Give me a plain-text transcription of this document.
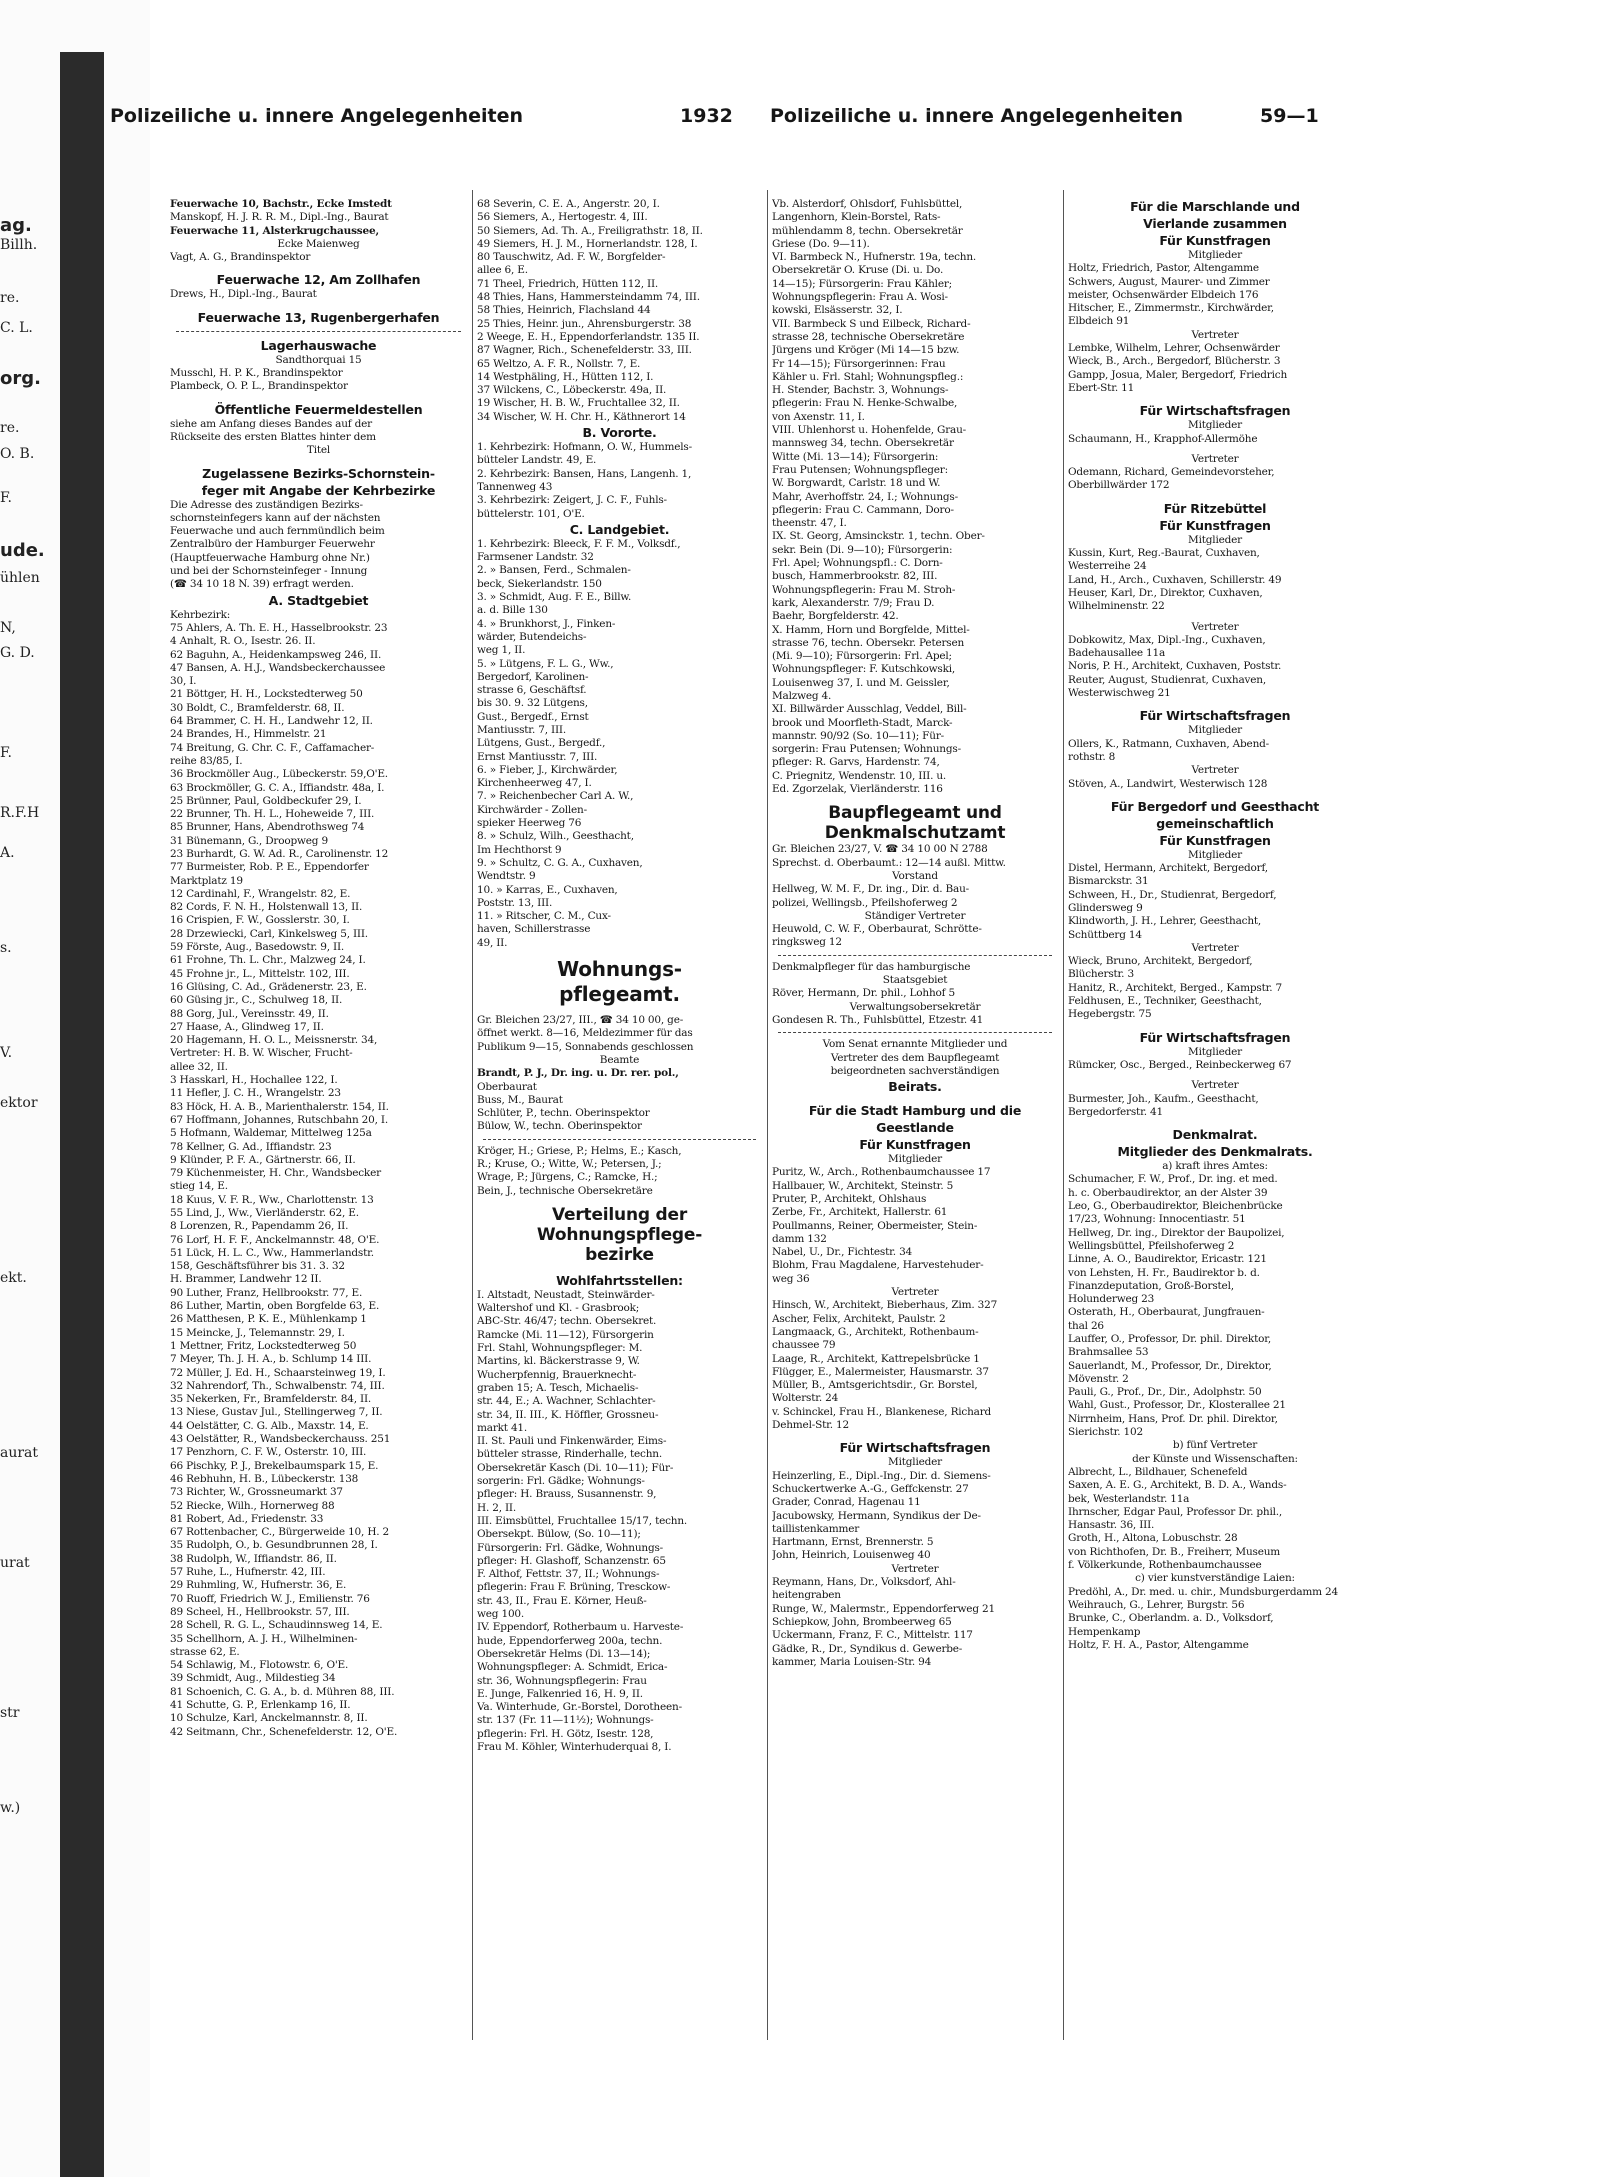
ag.
Billh.
re.
C. L.
org.
re.
O. B.
F.
ude.
ühlen
N,
G. D.
F.
R.F.H
A.
s.
V.
ektor
ekt.
aurat
urat
str
w.)
Polizeiliche u. innere Angelegenheiten	1932 Polizeiliche u. innere Angelegenheiten	59—1
Feuerwache 10, Bachstr., Ecke Imstedt
Manskopf, H. J. R. R. M., Dipl.-Ing., Baurat
Feuerwache 11, Alsterkrugchaussee,
Ecke Maienweg
Vagt, A. G., Brandinspektor
Feuerwache 12, Am Zollhafen
Drews, H., Dipl.-Ing., Baurat
Feuerwache 13, Rugenbergerhafen
Lagerhauswache
Sandthorquai 15
Musschl, H. P. K., Brandinspektor
Plambeck, O. P. L., Brandinspektor
Öffentliche Feuermeldestellen
siehe am Anfang dieses Bandes auf der
Rückseite des ersten Blattes hinter dem
Titel
Zugelassene Bezirks-Schornstein-
feger mit Angabe der Kehrbezirke
Die Adresse des zuständigen Bezirks-
schornsteinfegers kann auf der nächsten
Feuerwache und auch fernmündlich beim
Zentralbüro der Hamburger Feuerwehr
(Hauptfeuerwache Hamburg ohne Nr.)
und bei der Schornsteinfeger - Innung
(☎ 34 10 18 N. 39) erfragt werden.
A. Stadtgebiet
Kehrbezirk:
75 Ahlers, A. Th. E. H., Hasselbrookstr. 23
4 Anhalt, R. O., Isestr. 26. II.
62 Baguhn, A., Heidenkampsweg 246, II.
47 Bansen, A. H.J., Wandsbeckerchaussee
30, I.
21 Böttger, H. H., Lockstedterweg 50
30 Boldt, C., Bramfelderstr. 68, II.
64 Brammer, C. H. H., Landwehr 12, II.
24 Brandes, H., Himmelstr. 21
74 Breitung, G. Chr. C. F., Caffamacher-
reihe 83/85, I.
36 Brockmöller Aug., Lübeckerstr. 59,O'E.
63 Brockmöller, G. C. A., Iffiandstr. 48a, I.
25 Brünner, Paul, Goldbeckufer 29, I.
22 Brunner, Th. H. L., Hoheweide 7, III.
85 Brunner, Hans, Abendrothsweg 74
31 Bünemann, G., Droopweg 9
23 Burhardt, G. W. Ad. R., Carolinenstr. 12
77 Burmeister, Rob. P. E., Eppendorfer
Marktplatz 19
12 Cardinahl, F., Wrangelstr. 82, E.
82 Cords, F. N. H., Holstenwall 13, II.
16 Crispien, F. W., Gosslerstr. 30, I.
28 Drzewiecki, Carl, Kinkelsweg 5, III.
59 Förste, Aug., Basedowstr. 9, II.
61 Frohne, Th. L. Chr., Malzweg 24, I.
45 Frohne jr., L., Mittelstr. 102, III.
16 Glüsing, C. Ad., Grädenerstr. 23, E.
60 Güsing jr., C., Schulweg 18, II.
88 Gorg, Jul., Vereinsstr. 49, II.
27 Haase, A., Glindweg 17, II.
20 Hagemann, H. O. L., Meissnerstr. 34,
Vertreter: H. B. W. Wischer, Frucht-
allee 32, II.
3 Hasskarl, H., Hochallee 122, I.
11 Hefler, J. C. H., Wrangelstr. 23
83 Höck, H. A. B., Marienthalerstr. 154, II.
67 Hoffmann, Johannes, Rutschbahn 20, I.
5 Hofmann, Waldemar, Mittelweg 125a
78 Kellner, G. Ad., Iffiandstr. 23
9 Klünder, P. F. A., Gärtnerstr. 66, II.
79 Küchenmeister, H. Chr., Wandsbecker
stieg 14, E.
18 Kuus, V. F. R., Ww., Charlottenstr. 13
55 Lind, J., Ww., Vierländerstr. 62, E.
8 Lorenzen, R., Papendamm 26, II.
76 Lorf, H. F. F., Anckelmannstr. 48, O'E.
51 Lück, H. L. C., Ww., Hammerlandstr.
158, Geschäftsführer bis 31. 3. 32
H. Brammer, Landwehr 12 II.
90 Luther, Franz, Hellbrookstr. 77, E.
86 Luther, Martin, oben Borgfelde 63, E.
26 Matthesen, P. K. E., Mühlenkamp 1
15 Meincke, J., Telemannstr. 29, I.
1 Mettner, Fritz, Lockstedterweg 50
7 Meyer, Th. J. H. A., b. Schlump 14 III.
72 Müller, J. Ed. H., Schaarsteinweg 19, I.
32 Nahrendorf, Th., Schwalbenstr. 74, III.
35 Nekerken, Fr., Bramfelderstr. 84, II.
13 Niese, Gustav Jul., Stellingerweg 7, II.
44 Oelstätter, C. G. Alb., Maxstr. 14, E.
43 Oelstätter, R., Wandsbeckerchauss. 251
17 Penzhorn, C. F. W., Osterstr. 10, III.
66 Pischky, P. J., Brekelbaumspark 15, E.
46 Rebhuhn, H. B., Lübeckerstr. 138
73 Richter, W., Grossneumarkt 37
52 Riecke, Wilh., Hornerweg 88
81 Robert, Ad., Friedenstr. 33
67 Rottenbacher, C., Bürgerweide 10, H. 2
35 Rudolph, O., b. Gesundbrunnen 28, I.
38 Rudolph, W., Iffiandstr. 86, II.
57 Ruhe, L., Hufnerstr. 42, III.
29 Ruhmling, W., Hufnerstr. 36, E.
70 Ruoff, Friedrich W. J., Emilienstr. 76
89 Scheel, H., Hellbrookstr. 57, III.
28 Schell, R. G. L., Schaudinnsweg 14, E.
35 Schellhorn, A. J. H., Wilhelminen-
strasse 62, E.
54 Schlawig, M., Flotowstr. 6, O'E.
39 Schmidt, Aug., Mildestieg 34
81 Schoenich, C. G. A., b. d. Mühren 88, III.
41 Schutte, G. P., Erlenkamp 16, II.
10 Schulze, Karl, Anckelmannstr. 8, II.
42 Seitmann, Chr., Schenefelderstr. 12, O'E.
68 Severin, C. E. A., Angerstr. 20, I.
56 Siemers, A., Hertogestr. 4, III.
50 Siemers, Ad. Th. A., Freiligrathstr. 18, II.
49 Siemers, H. J. M., Hornerlandstr. 128, I.
80 Tauschwitz, Ad. F. W., Borgfelder-
allee 6, E.
71 Theel, Friedrich, Hütten 112, II.
48 Thies, Hans, Hammersteindamm 74, III.
58 Thies, Heinrich, Flachsland 44
25 Thies, Heinr. jun., Ahrensburgerstr. 38
2 Weege, E. H., Eppendorferlandstr. 135 II.
87 Wagner, Rich., Schenefelderstr. 33, III.
65 Weltzo, A. F. R., Nollstr. 7, E.
14 Westphäling, H., Hütten 112, I.
37 Wilckens, C., Löbeckerstr. 49a, II.
19 Wischer, H. B. W., Fruchtallee 32, II.
34 Wischer, W. H. Chr. H., Käthnerort 14
B. Vororte.
1. Kehrbezirk: Hofmann, O. W., Hummels-
bütteler Landstr. 49, E.
2. Kehrbezirk: Bansen, Hans, Langenh. 1,
Tannenweg 43
3. Kehrbezirk: Zeigert, J. C. F., Fuhls-
büttelerstr. 101, O'E.
C. Landgebiet.
1. Kehrbezirk: Bleeck, F. F. M., Volksdf.,
Farmsener Landstr. 32
2. » Bansen, Ferd., Schmalen-
beck, Siekerlandstr. 150
3. » Schmidt, Aug. F. E., Billw.
a. d. Bille 130
4. » Brunkhorst, J., Finken-
wärder, Butendeichs-
weg 1, II.
5. » Lütgens, F. L. G., Ww.,
Bergedorf, Karolinen-
strasse 6, Geschäftsf.
bis 30. 9. 32 Lütgens,
Gust., Bergedf., Ernst
Mantiusstr. 7, III.
Lütgens, Gust., Bergedf.,
Ernst Mantiusstr. 7, III.
6. » Fieber, J., Kirchwärder,
Kirchenheerweg 47, I.
7. » Reichenbecher Carl A. W.,
Kirchwärder - Zollen-
spieker Heerweg 76
8. » Schulz, Wilh., Geesthacht,
Im Hechthorst 9
9. » Schultz, C. G. A., Cuxhaven,
Wendtstr. 9
10. » Karras, E., Cuxhaven,
Poststr. 13, III.
11. » Ritscher, C. M., Cux-
haven, Schillerstrasse
49, II.
Wohnungs-
pflegeamt.
Gr. Bleichen 23/27, III., ☎ 34 10 00, ge-
öffnet werkt. 8—16, Meldezimmer für das
Publikum 9—15, Sonnabends geschlossen
Beamte
Brandt, P. J., Dr. ing. u. Dr. rer. pol.,
Oberbaurat
Buss, M., Baurat
Schlüter, P., techn. Oberinspektor
Bülow, W., techn. Oberinspektor
Kröger, H.; Griese, P.; Helms, E.; Kasch,
R.; Kruse, O.; Witte, W.; Petersen, J.;
Wrage, P.; Jürgens, C.; Ramcke, H.;
Bein, J., technische Obersekretäre
Verteilung der
Wohnungspflege-
bezirke
Wohlfahrtsstellen:
I. Altstadt, Neustadt, Steinwärder-
Waltershof und Kl. - Grasbrook;
ABC-Str. 46/47; techn. Obersekret.
Ramcke (Mi. 11—12), Fürsorgerin
Frl. Stahl, Wohnungspfleger: M.
Martins, kl. Bäckerstrasse 9, W.
Wucherpfennig, Brauerknecht-
graben 15; A. Tesch, Michaelis-
str. 44, E.; A. Wachner, Schlachter-
str. 34, II. III., K. Höffler, Grossneu-
markt 41.
II. St. Pauli und Finkenwärder, Eims-
bütteler strasse, Rinderhalle, techn.
Obersekretär Kasch (Di. 10—11); Für-
sorgerin: Frl. Gädke; Wohnungs-
pfleger: H. Brauss, Susannenstr. 9,
H. 2, II.
III. Eimsbüttel, Fruchtallee 15/17, techn.
Obersekpt. Bülow, (So. 10—11);
Fürsorgerin: Frl. Gädke, Wohnungs-
pfleger: H. Glashoff, Schanzenstr. 65
F. Althof, Fettstr. 37, II.; Wohnungs-
pflegerin: Frau F. Brüning, Tresckow-
str. 43, II., Frau E. Körner, Heuß-
weg 100.
IV. Eppendorf, Rotherbaum u. Harveste-
hude, Eppendorferweg 200a, techn.
Obersekretär Helms (Di. 13—14);
Wohnungspfleger: A. Schmidt, Erica-
str. 36, Wohnungspflegerin: Frau
E. Junge, Falkenried 16, H. 9, II.
Va. Winterhude, Gr.-Borstel, Dorotheen-
str. 137 (Fr. 11—11½); Wohnungs-
pflegerin: Frl. H. Götz, Isestr. 128,
Frau M. Köhler, Winterhuderquai 8, I.
Vb. Alsterdorf, Ohlsdorf, Fuhlsbüttel,
Langenhorn, Klein-Borstel, Rats-
mühlendamm 8, techn. Obersekretär
Griese (Do. 9—11).
VI. Barmbeck N., Hufnerstr. 19a, techn.
Obersekretär O. Kruse (Di. u. Do.
14—15); Fürsorgerin: Frau Kähler;
Wohnungspflegerin: Frau A. Wosi-
kowski, Elsässerstr. 32, I.
VII. Barmbeck S und Eilbeck, Richard-
strasse 28, technische Obersekretäre
Jürgens und Kröger (Mi 14—15 bzw.
Fr 14—15); Fürsorgerinnen: Frau
Kähler u. Frl. Stahl; Wohnungspfleg.:
H. Stender, Bachstr. 3, Wohnungs-
pflegerin: Frau N. Henke-Schwalbe,
von Axenstr. 11, I.
VIII. Uhlenhorst u. Hohenfelde, Grau-
mannsweg 34, techn. Obersekretär
Witte (Mi. 13—14); Fürsorgerin:
Frau Putensen; Wohnungspfleger:
W. Borgwardt, Carlstr. 18 und W.
Mahr, Averhoffstr. 24, I.; Wohnungs-
pflegerin: Frau C. Cammann, Doro-
theenstr. 47, I.
IX. St. Georg, Amsinckstr. 1, techn. Ober-
sekr. Bein (Di. 9—10); Fürsorgerin:
Frl. Apel; Wohnungspfl.: C. Dorn-
busch, Hammerbrookstr. 82, III.
Wohnungspflegerin: Frau M. Stroh-
kark, Alexanderstr. 7/9; Frau D.
Baehr, Borgfelderstr. 42.
X. Hamm, Horn und Borgfelde, Mittel-
strasse 76, techn. Obersekr. Petersen
(Mi. 9—10); Fürsorgerin: Frl. Apel;
Wohnungspfleger: F. Kutschkowski,
Louisenweg 37, I. und M. Geissler,
Malzweg 4.
XI. Billwärder Ausschlag, Veddel, Bill-
brook und Moorfleth-Stadt, Marck-
mannstr. 90/92 (So. 10—11); Für-
sorgerin: Frau Putensen; Wohnungs-
pfleger: R. Garvs, Hardenstr. 74,
C. Priegnitz, Wendenstr. 10, III. u.
Ed. Zgorzelak, Vierländerstr. 116
Baupflegeamt und
Denkmalschutzamt
Gr. Bleichen 23/27, V. ☎ 34 10 00 N 2788
Sprechst. d. Oberbaumt.: 12—14 außl. Mittw.
Vorstand
Hellweg, W. M. F., Dr. ing., Dir. d. Bau-
polizei, Wellingsb., Pfeilshoferweg 2
Ständiger Vertreter
Heuwold, C. W. F., Oberbaurat, Schrötte-
ringksweg 12
Denkmalpfleger für das hamburgische
Staatsgebiet
Röver, Hermann, Dr. phil., Lohhof 5
Verwaltungsobersekretär
Gondesen R. Th., Fuhlsbüttel, Etzestr. 41
Vom Senat ernannte Mitglieder und
Vertreter des dem Baupflegeamt
beigeordneten sachverständigen
Beirats.
Für die Stadt Hamburg und die
Geestlande
Für Kunstfragen
Mitglieder
Puritz, W., Arch., Rothenbaumchaussee 17
Hallbauer, W., Architekt, Steinstr. 5
Pruter, P., Architekt, Ohlshaus
Zerbe, Fr., Architekt, Hallerstr. 61
Poullmanns, Reiner, Obermeister, Stein-
damm 132
Nabel, U., Dr., Fichtestr. 34
Blohm, Frau Magdalene, Harvestehuder-
weg 36
Vertreter
Hinsch, W., Architekt, Bieberhaus, Zim. 327
Ascher, Felix, Architekt, Paulstr. 2
Langmaack, G., Architekt, Rothenbaum-
chaussee 79
Laage, R., Architekt, Kattrepelsbrücke 1
Flügger, E., Malermeister, Hausmarstr. 37
Müller, B., Amtsgerichtsdir., Gr. Borstel,
Wolterstr. 24
v. Schinckel, Frau H., Blankenese, Richard
Dehmel-Str. 12
Für Wirtschaftsfragen
Mitglieder
Heinzerling, E., Dipl.-Ing., Dir. d. Siemens-
Schuckertwerke A.-G., Geffckenstr. 27
Grader, Conrad, Hagenau 11
Jacubowsky, Hermann, Syndikus der De-
taillistenkammer
Hartmann, Ernst, Brennerstr. 5
John, Heinrich, Louisenweg 40
Vertreter
Reymann, Hans, Dr., Volksdorf, Ahl-
heitengraben
Runge, W., Malermstr., Eppendorferweg 21
Schiepkow, John, Brombeerweg 65
Uckermann, Franz, F. C., Mittelstr. 117
Gädke, R., Dr., Syndikus d. Gewerbe-
kammer, Maria Louisen-Str. 94
Für die Marschlande und
Vierlande zusammen
Für Kunstfragen
Mitglieder
Holtz, Friedrich, Pastor, Altengamme
Schwers, August, Maurer- und Zimmer
meister, Ochsenwärder Elbdeich 176
Hitscher, E., Zimmermstr., Kirchwärder,
Elbdeich 91
Vertreter
Lembke, Wilhelm, Lehrer, Ochsenwärder
Wieck, B., Arch., Bergedorf, Blücherstr. 3
Gampp, Josua, Maler, Bergedorf, Friedrich
Ebert-Str. 11
Für Wirtschaftsfragen
Mitglieder
Schaumann, H., Krapphof-Allermöhe
Vertreter
Odemann, Richard, Gemeindevorsteher,
Oberbillwärder 172
Für Ritzebüttel
Für Kunstfragen
Mitglieder
Kussin, Kurt, Reg.-Baurat, Cuxhaven,
Westerreihe 24
Land, H., Arch., Cuxhaven, Schillerstr. 49
Heuser, Karl, Dr., Direktor, Cuxhaven,
Wilhelminenstr. 22
Vertreter
Dobkowitz, Max, Dipl.-Ing., Cuxhaven,
Badehausallee 11a
Noris, P. H., Architekt, Cuxhaven, Poststr.
Reuter, August, Studienrat, Cuxhaven,
Westerwischweg 21
Für Wirtschaftsfragen
Mitglieder
Ollers, K., Ratmann, Cuxhaven, Abend-
rothstr. 8
Vertreter
Stöven, A., Landwirt, Westerwisch 128
Für Bergedorf und Geesthacht
gemeinschaftlich
Für Kunstfragen
Mitglieder
Distel, Hermann, Architekt, Bergedorf,
Bismarckstr. 31
Schween, H., Dr., Studienrat, Bergedorf,
Glindersweg 9
Klindworth, J. H., Lehrer, Geesthacht,
Schüttberg 14
Vertreter
Wieck, Bruno, Architekt, Bergedorf,
Blücherstr. 3
Hanitz, R., Architekt, Berged., Kampstr. 7
Feldhusen, E., Techniker, Geesthacht,
Hegebergstr. 75
Für Wirtschaftsfragen
Mitglieder
Rümcker, Osc., Berged., Reinbeckerweg 67
Vertreter
Burmester, Joh., Kaufm., Geesthacht,
Bergedorferstr. 41
Denkmalrat.
Mitglieder des Denkmalrats.
a) kraft ihres Amtes:
Schumacher, F. W., Prof., Dr. ing. et med.
h. c. Oberbaudirektor, an der Alster 39
Leo, G., Oberbaudirektor, Bleichenbrücke
17/23, Wohnung: Innocentiastr. 51
Hellweg, Dr. ing., Direktor der Baupolizei,
Wellingsbüttel, Pfeilshoferweg 2
Linne, A. O., Baudirektor, Ericastr. 121
von Lehsten, H. Fr., Baudirektor b. d.
Finanzdeputation, Groß-Borstel,
Holunderweg 23
Osterath, H., Oberbaurat, Jungfrauen-
thal 26
Lauffer, O., Professor, Dr. phil. Direktor,
Brahmsallee 53
Sauerlandt, M., Professor, Dr., Direktor,
Mövenstr. 2
Pauli, G., Prof., Dr., Dir., Adolphstr. 50
Wahl, Gust., Professor, Dr., Klosterallee 21
Nirrnheim, Hans, Prof. Dr. phil. Direktor,
Sierichstr. 102
b) fünf Vertreter
der Künste und Wissenschaften:
Albrecht, L., Bildhauer, Schenefeld
Saxen, A. E. G., Architekt, B. D. A., Wands-
bek, Westerlandstr. 11a
Ihrnscher, Edgar Paul, Professor Dr. phil.,
Hansastr. 36, III.
Groth, H., Altona, Lobuschstr. 28
von Richthofen, Dr. B., Freiherr, Museum
f. Völkerkunde, Rothenbaumchaussee
c) vier kunstverständige Laien:
Predöhl, A., Dr. med. u. chir., Mundsburgerdamm 24
Weihrauch, G., Lehrer, Burgstr. 56
Brunke, C., Oberlandm. a. D., Volksdorf,
Hempenkamp
Holtz, F. H. A., Pastor, Altengamme
